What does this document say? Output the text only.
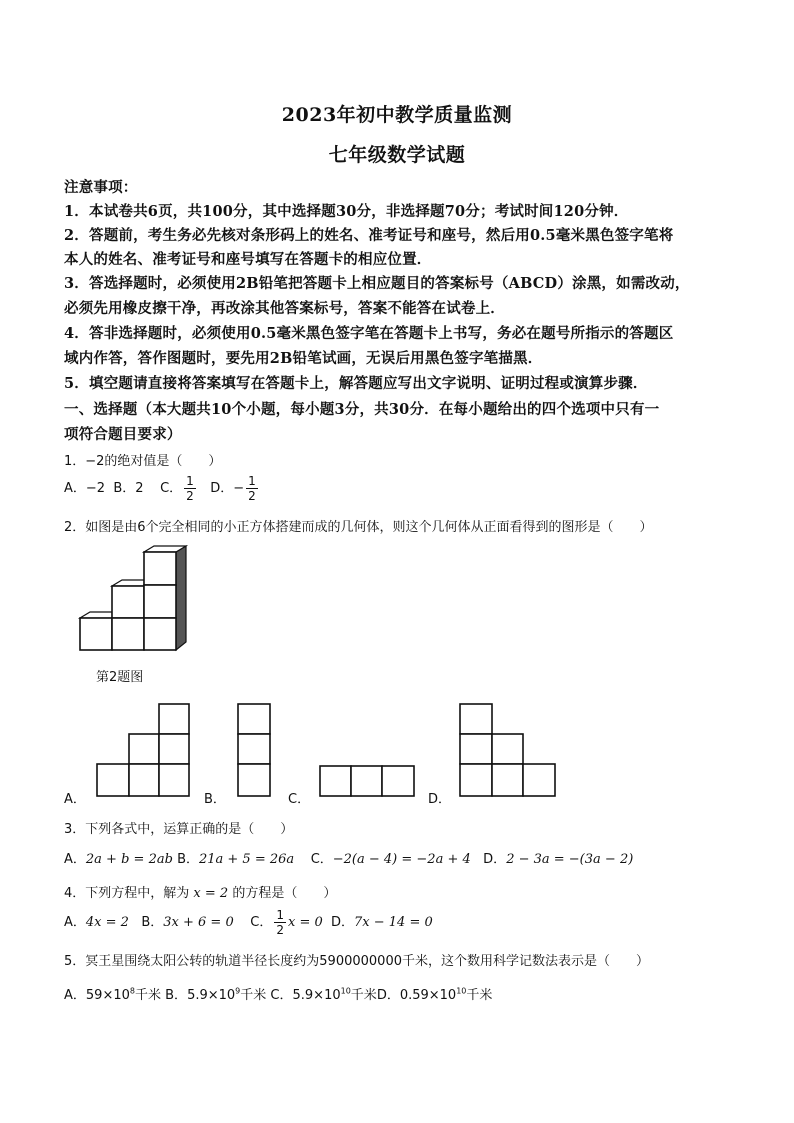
2023年初中教学质量监测
七年级数学试题
注意事项：
1．本试卷共6页，共100分，其中选择题30分，非选择题70分；考试时间120分钟．
2．答题前，考生务必先核对条形码上的姓名、准考证号和座号，然后用0.5毫米黑色签字笔将
本人的姓名、准考证号和座号填写在答题卡的相应位置．
3．答选择题时，必须使用2B铅笔把答题卡上相应题目的答案标号（ABCD）涂黑，如需改动，
必须先用橡皮擦干净，再改涂其他答案标号，答案不能答在试卷上．
4．答非选择题时，必须使用0.5毫米黑色签字笔在答题卡上书写，务必在题号所指示的答题区
域内作答，答作图题时，要先用2B铅笔试画，无误后用黑色签字笔描黑．
5．填空题请直接将答案填写在答题卡上，解答题应写出文字说明、证明过程或演算步骤．
一、选择题（本大题共10个小题，每小题3分，共30分．在每小题给出的四个选项中只有一
项符合题目要求）
1．−2的绝对值是（　　）
A．−2 B．2 C． $\frac{1}{2}$ D．− $\frac{1}{2}$
2．如图是由6个完全相同的小正方体搭建而成的几何体，则这个几何体从正面看得到的图形是（　　）
第2题图
A．	B．	C．	D．
3．下列各式中，运算正确的是（　　）
A．2a + b = 2ab B．21a + 5 = 26a C．−2(a − 4) = −2a + 4 D．2 − 3a = −(3a − 2)
4．下列方程中，解为 x = 2 的方程是（　　）
A．4x = 2 B．3x + 6 = 0 C． $\frac{1}{2}$ x = 0 D．7x − 14 = 0
5．冥王星围绕太阳公转的轨道半径长度约为5900000000千米，这个数用科学记数法表示是（　　）
A．$59\times 10^8$千米 B．$5.9\times 10^9$千米 C．$5.9\times 10^{10}$千米D．$0.59\times 10^{10}$千米
